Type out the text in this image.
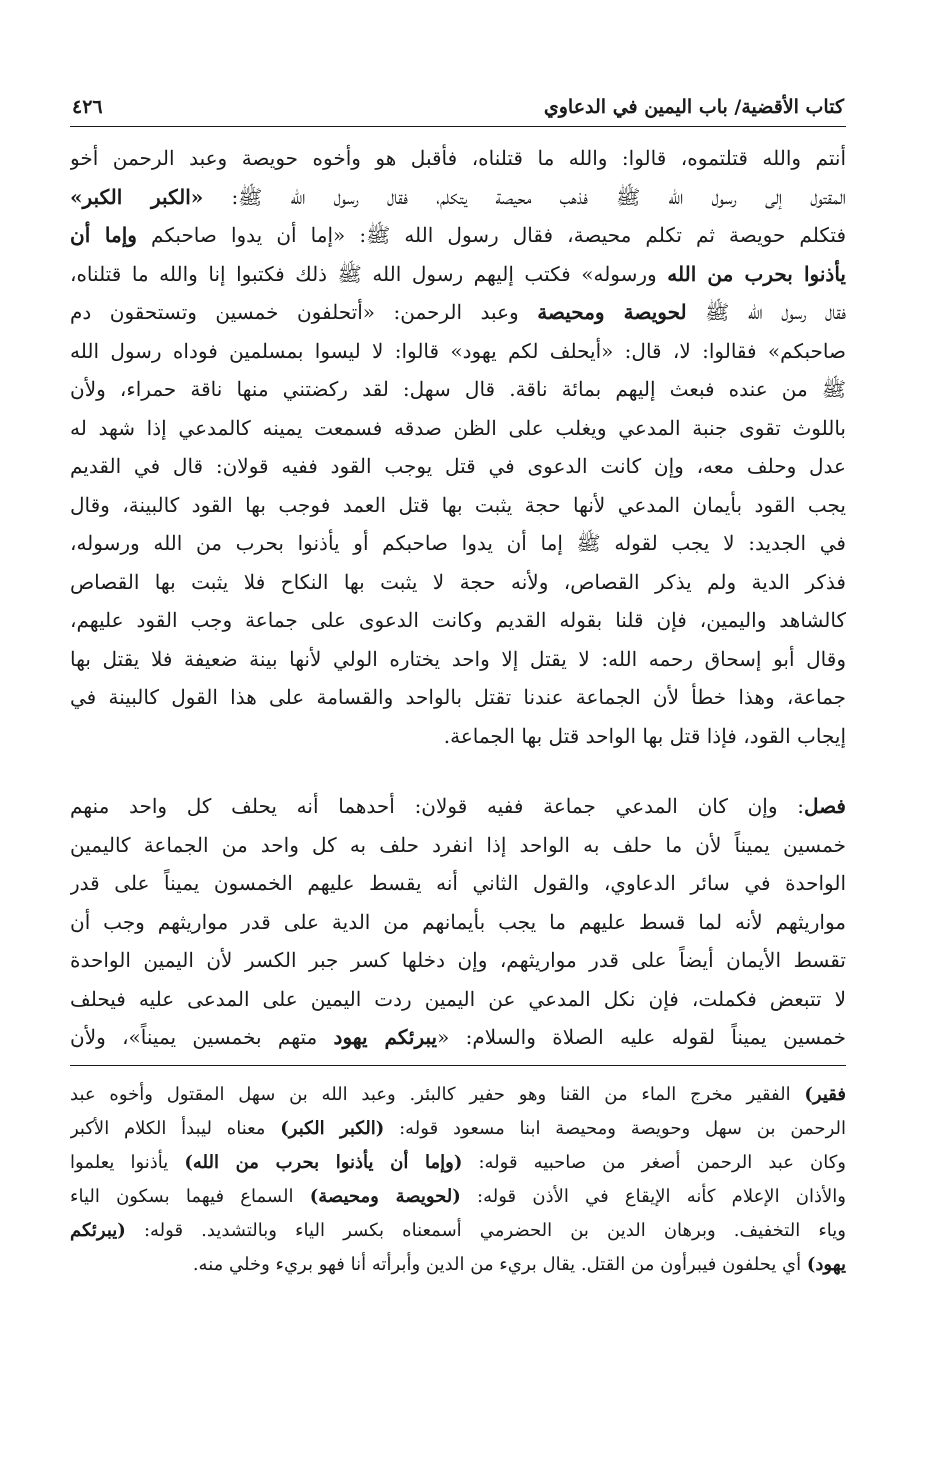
كتاب الأقضية/ باب اليمين في الدعاوي
٤٢٦
أنتم والله قتلتموه، قالوا: والله ما قتلناه، فأقبل هو وأخوه حويصة وعبد الرحمن أخو
المقتول إلى رسول الله ﷺ فذهب محيصة يتكلم، فقال رسول الله ﷺ: «الكبر الكبر»
فتكلم حويصة ثم تكلم محيصة، فقال رسول الله ﷺ: «إما أن يدوا صاحبكم وإما أن
يأذنوا بحرب من الله ورسوله» فكتب إليهم رسول الله ﷺ ذلك فكتبوا إنا والله ما قتلناه،
فقال رسول الله ﷺ لحويصة ومحيصة وعبد الرحمن: «أتحلفون خمسين وتستحقون دم
صاحبكم» فقالوا: لا، قال: «أيحلف لكم يهود» قالوا: لا ليسوا بمسلمين فوداه رسول الله
ﷺ من عنده فبعث إليهم بمائة ناقة. قال سهل: لقد ركضتني منها ناقة حمراء، ولأن
باللوث تقوى جنبة المدعي ويغلب على الظن صدقه فسمعت يمينه كالمدعي إذا شهد له
عدل وحلف معه، وإن كانت الدعوى في قتل يوجب القود ففيه قولان: قال في القديم
يجب القود بأيمان المدعي لأنها حجة يثبت بها قتل العمد فوجب بها القود كالبينة، وقال
في الجديد: لا يجب لقوله ﷺ إما أن يدوا صاحبكم أو يأذنوا بحرب من الله ورسوله،
فذكر الدية ولم يذكر القصاص، ولأنه حجة لا يثبت بها النكاح فلا يثبت بها القصاص
كالشاهد واليمين، فإن قلنا بقوله القديم وكانت الدعوى على جماعة وجب القود عليهم،
وقال أبو إسحاق رحمه الله: لا يقتل إلا واحد يختاره الولي لأنها بينة ضعيفة فلا يقتل بها
جماعة، وهذا خطأ لأن الجماعة عندنا تقتل بالواحد والقسامة على هذا القول كالبينة في
إيجاب القود، فإذا قتل بها الواحد قتل بها الجماعة.
فصل: وإن كان المدعي جماعة ففيه قولان: أحدهما أنه يحلف كل واحد منهم
خمسين يميناً لأن ما حلف به الواحد إذا انفرد حلف به كل واحد من الجماعة كاليمين
الواحدة في سائر الدعاوي، والقول الثاني أنه يقسط عليهم الخمسون يميناً على قدر
مواريثهم لأنه لما قسط عليهم ما يجب بأيمانهم من الدية على قدر مواريثهم وجب أن
تقسط الأيمان أيضاً على قدر مواريثهم، وإن دخلها كسر جبر الكسر لأن اليمين الواحدة
لا تتبعض فكملت، فإن نكل المدعي عن اليمين ردت اليمين على المدعى عليه فيحلف
خمسين يميناً لقوله عليه الصلاة والسلام: «يبرئكم يهود متهم بخمسين يميناً»، ولأن
فقير) الفقير مخرج الماء من القنا وهو حفير كالبئر. وعبد الله بن سهل المقتول وأخوه عبد
الرحمن بن سهل وحويصة ومحيصة ابنا مسعود قوله: (الكبر الكبر) معناه ليبدأ الكلام الأكبر
وكان عبد الرحمن أصغر من صاحبيه قوله: (وإما أن يأذنوا بحرب من الله) يأذنوا يعلموا
والأذان الإعلام كأنه الإيقاع في الأذن قوله: (لحويصة ومحيصة) السماع فيهما بسكون الياء
وياء التخفيف. وبرهان الدين بن الحضرمي أسمعناه بكسر الياء وبالتشديد. قوله: (يبرئكم
يهود) أي يحلفون فيبرأون من القتل. يقال بريء من الدين وأبرأته أنا فهو بريء وخلي منه.
